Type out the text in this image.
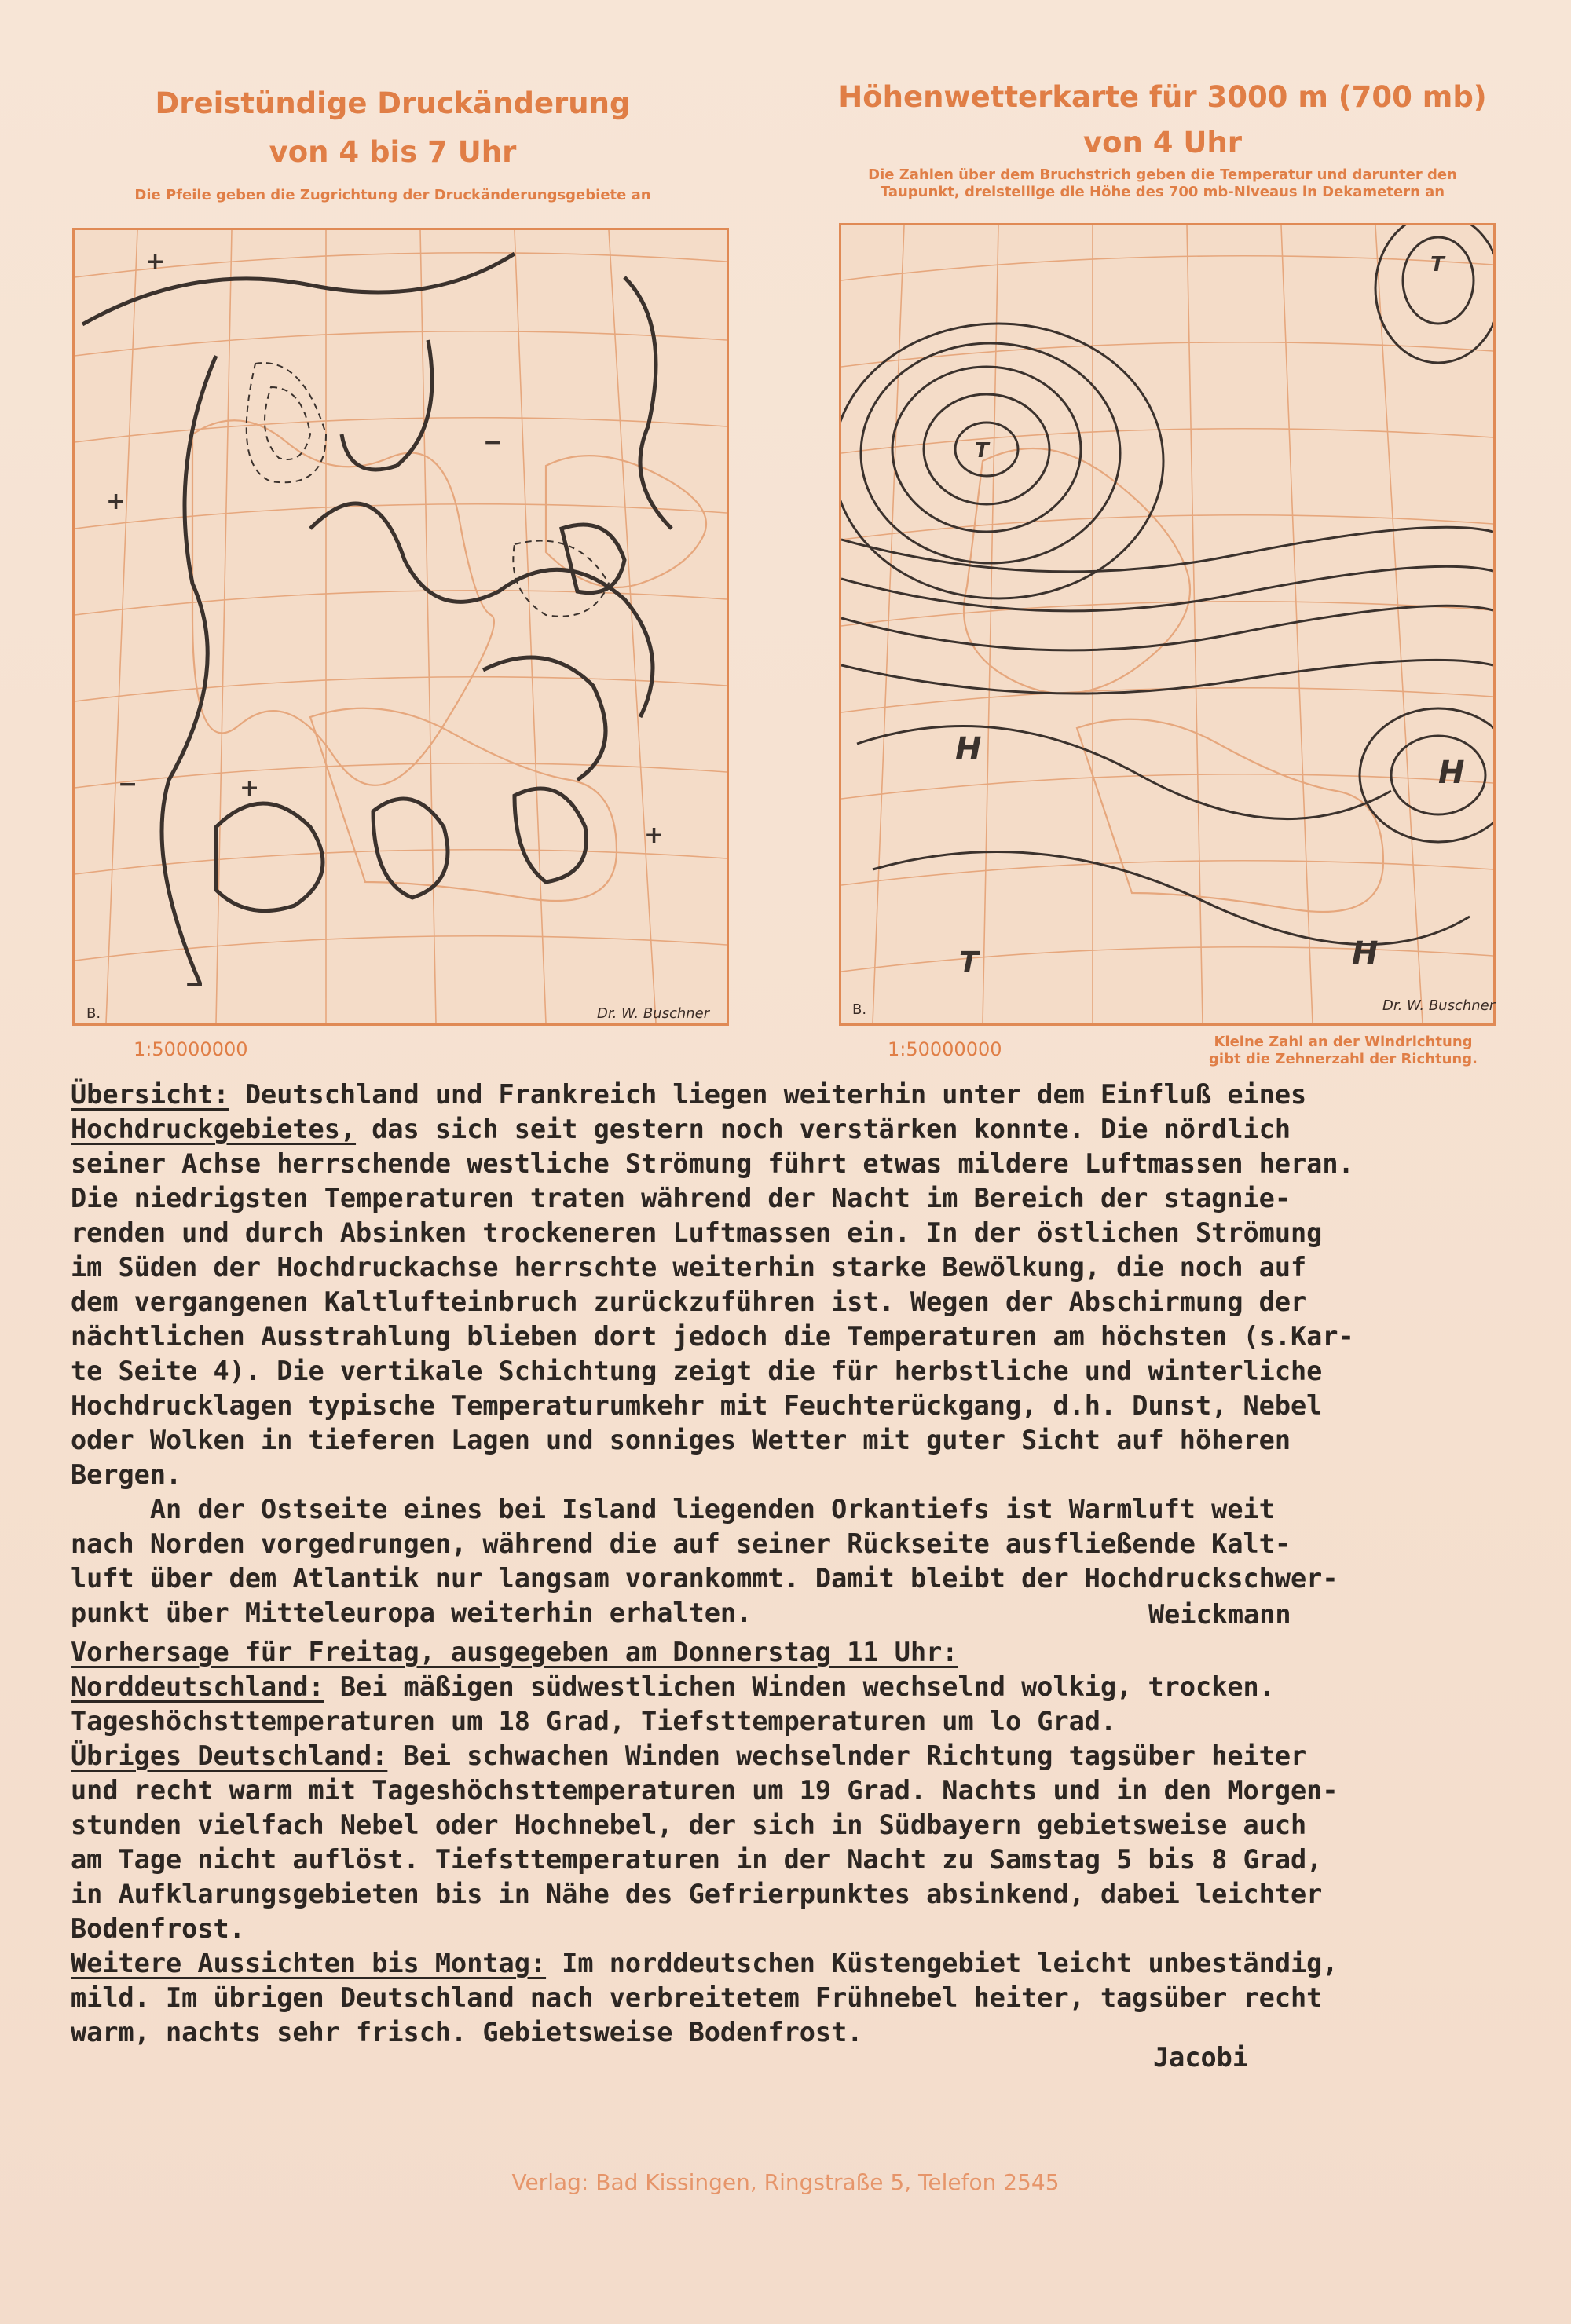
Dreistündige Druckänderung
von 4 bis 7 Uhr
Die Pfeile geben die Zugrichtung der Druckänderungsgebiete an
+
+
−
−
+
+
−
B.	Dr. W. Buschner
1:50000000
Höhenwetterkarte für 3000 m (700 mb)
von 4 Uhr
Die Zahlen über dem Bruchstrich geben die Temperatur und darunter den
Taupunkt, dreistellige die Höhe des 700 mb-Niveaus in Dekametern an
T
H
H
T	H
T
B.	Dr. W. Buschner
1:50000000	Kleine Zahl an der Windrichtung
gibt die Zehnerzahl der Richtung.
Übersicht: Deutschland und Frankreich liegen weiterhin unter dem Einfluß eines
Hochdruckgebietes, das sich seit gestern noch verstärken konnte. Die nördlich
seiner Achse herrschende westliche Strömung führt etwas mildere Luftmassen heran.
Die niedrigsten Temperaturen traten während der Nacht im Bereich der stagnie-
renden und durch Absinken trockeneren Luftmassen ein. In der östlichen Strömung
im Süden der Hochdruckachse herrschte weiterhin starke Bewölkung, die noch auf
dem vergangenen Kaltlufteinbruch zurückzuführen ist. Wegen der Abschirmung der
nächtlichen Ausstrahlung blieben dort jedoch die Temperaturen am höchsten (s.Kar-
te Seite 4). Die vertikale Schichtung zeigt die für herbstliche und winterliche
Hochdrucklagen typische Temperaturumkehr mit Feuchterückgang, d.h. Dunst, Nebel
oder Wolken in tieferen Lagen und sonniges Wetter mit guter Sicht auf höheren
Bergen.
An der Ostseite eines bei Island liegenden Orkantiefs ist Warmluft weit
nach Norden vorgedrungen, während die auf seiner Rückseite ausfließende Kalt-
luft über dem Atlantik nur langsam vorankommt. Damit bleibt der Hochdruckschwer-
punkt über Mitteleuropa weiterhin erhalten.	Weickmann
Vorhersage für Freitag, ausgegeben am Donnerstag 11 Uhr:
Norddeutschland: Bei mäßigen südwestlichen Winden wechselnd wolkig, trocken.
Tageshöchsttemperaturen um 18 Grad, Tiefsttemperaturen um lo Grad.
Übriges Deutschland: Bei schwachen Winden wechselnder Richtung tagsüber heiter
und recht warm mit Tageshöchsttemperaturen um 19 Grad. Nachts und in den Morgen-
stunden vielfach Nebel oder Hochnebel, der sich in Südbayern gebietsweise auch
am Tage nicht auflöst. Tiefsttemperaturen in der Nacht zu Samstag 5 bis 8 Grad,
in Aufklarungsgebieten bis in Nähe des Gefrierpunktes absinkend, dabei leichter
Bodenfrost.
Weitere Aussichten bis Montag: Im norddeutschen Küstengebiet leicht unbeständig,
mild. Im übrigen Deutschland nach verbreitetem Frühnebel heiter, tagsüber recht
warm, nachts sehr frisch. Gebietsweise Bodenfrost.
Jacobi
Verlag: Bad Kissingen, Ringstraße 5, Telefon 2545
